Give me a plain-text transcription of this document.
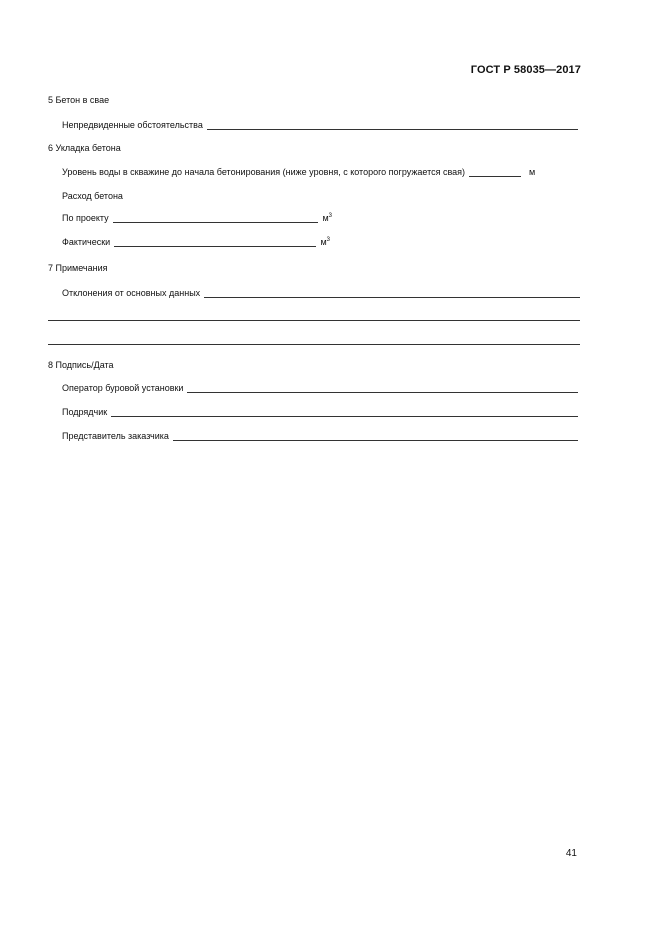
ГОСТ Р 58035—2017
5 Бетон в свае
Непредвиденные обстоятельства
6 Укладка бетона
Уровень воды в скважине до начала бетонирования (ниже уровня, с которого погружается свая)	м
Расход бетона
По проекту	$м^3$
Фактически	$м^3$
7 Примечания
Отклонения от основных данных
8 Подпись/Дата
Оператор буровой установки
Подрядчик
Представитель заказчика
41
